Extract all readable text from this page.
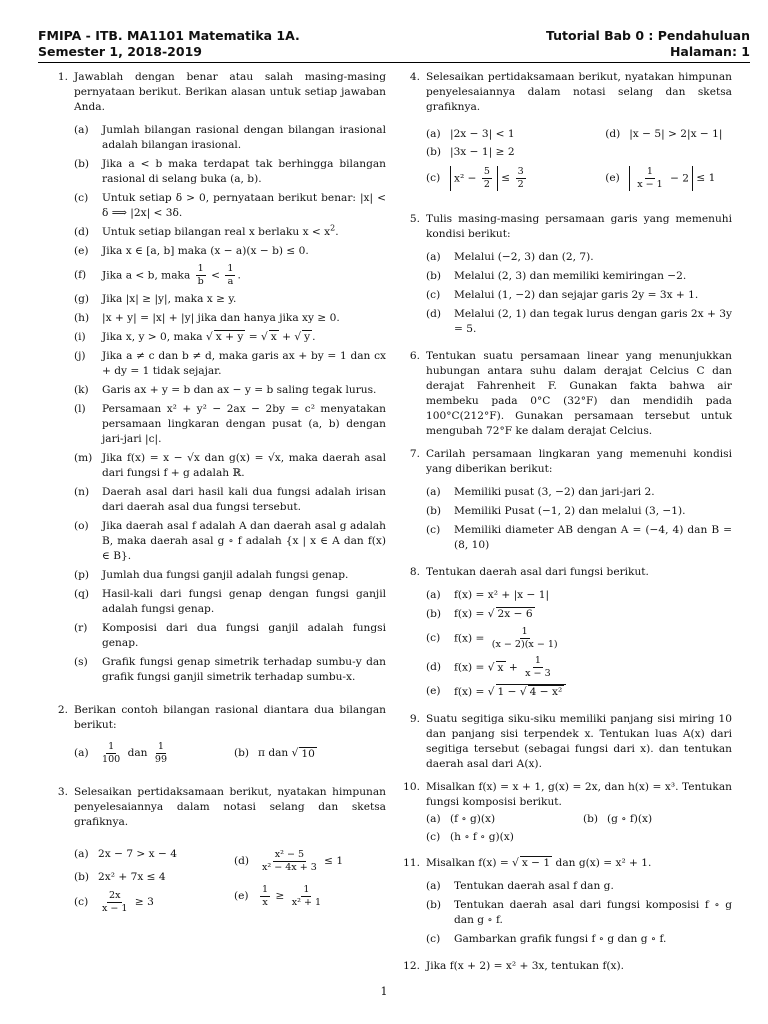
FMIPA - ITB. MA1101 Matematika 1A.
Semester 1, 2018-2019
Tutorial Bab 0 : Pendahuluan
Halaman: 1
1. Jawablah dengan benar atau salah masing-masing pernyataan berikut. Berikan alasan untuk setiap jawaban Anda.
(a)	Jumlah bilangan rasional dengan bilangan irasional adalah bilangan irasional.
(b)	Jika a < b maka terdapat tak berhingga bilangan rasional di selang buka (a, b).
(c)	Untuk setiap δ > 0, pernyataan berikut benar: |x| < δ ⟹ |2x| < 3δ.
(d)	Untuk setiap bilangan real x berlaku $x < x^2$.
(e)	Jika x ∈ [a, b] maka (x − a)(x − b) ≤ 0.
(f)	Jika a < b, maka $\frac{1}{b} < \frac{1}{a}$ .
(g)	Jika |x| ≥ |y|, maka x ≥ y.
(h)	|x + y| = |x| + |y| jika dan hanya jika xy ≥ 0.
(i)	Jika x, y > 0, maka √ x + y = √ x + √ y .
(j)	Jika a ≠ c dan b ≠ d, maka garis ax + by = 1 dan cx + dy = 1 tidak sejajar.
(k)	Garis ax + y = b dan ax − y = b saling tegak lurus.
(l)	Persamaan x² + y² − 2ax − 2by = c² menyatakan persamaan lingkaran dengan pusat (a, b) dengan jari-jari |c|.
(m) Jika f(x) = x − √x dan g(x) = √x, maka daerah asal dari fungsi f + g adalah ℝ.
(n)	Daerah asal dari hasil kali dua fungsi adalah irisan dari daerah asal dua fungsi tersebut.
(o)	Jika daerah asal f adalah A dan daerah asal g adalah B, maka daerah asal g ∘ f adalah {x | x ∈ A dan f(x) ∈ B}.
(p)	Jumlah dua fungsi ganjil adalah fungsi genap.
(q)	Hasil-kali dari fungsi genap dengan fungsi ganjil adalah fungsi genap.
(r)	Komposisi dari dua fungsi ganjil adalah fungsi genap.
(s)	Grafik fungsi genap simetrik terhadap sumbu-y dan grafik fungsi ganjil simetrik terhadap sumbu-x.
2. Berikan contoh bilangan rasional diantara dua bilangan berikut:
(a)	$\frac{1}{100}$
dan
$\frac{1}{99}$	(b) π dan √ 10
3. Selesaikan pertidaksamaan berikut, nyatakan himpunan penyelesaiannya dalam notasi selang dan sketsa grafiknya.
(a) 2x − 7 > x − 4
(b) 2x² + 7x ≤ 4
(c)	$\frac{2x}{x - 1}$
≥ 3
(d)	$\frac{\text{x² − 5}}{\text{x² − 4x + 3}}$
≤ 1
(e)	$\frac{1}{x}$
≥
$\frac{1}{\text{x² + 1}}$
4. Selesaikan pertidaksamaan berikut, nyatakan himpunan penyelesaiannya dalam notasi selang dan sketsa grafiknya.
(a) |2x − 3| < 1
(b) |3x − 1| ≥ 2
(c)	$x^2 - \frac{5}{2}$
≤
$\frac{3}{2}$
(d) |x − 5| > 2|x − 1|
(e)	$\frac{1}{x - 1} - 2$
≤ 1
5. Tulis masing-masing persamaan garis yang memenuhi kondisi berikut:
(a)	Melalui (−2, 3) dan (2, 7).
(b)	Melalui (2, 3) dan memiliki kemiringan −2.
(c)	Melalui (1, −2) dan sejajar garis 2y = 3x + 1.
(d)	Melalui (2, 1) dan tegak lurus dengan garis 2x + 3y = 5.
6. Tentukan suatu persamaan linear yang menunjukkan hubungan antara suhu dalam derajat Celcius C dan derajat Fahrenheit F. Gunakan fakta bahwa air membeku pada 0°C (32°F) dan mendidih pada 100°C(212°F). Gunakan persamaan tersebut untuk mengubah 72°F ke dalam derajat Celcius.
7. Carilah persamaan lingkaran yang memenuhi kondisi yang diberikan berikut:
(a)	Memiliki pusat (3, −2) dan jari-jari 2.
(b)	Memiliki Pusat (−1, 2) dan melalui (3, −1).
(c)	Memiliki diameter AB dengan A = (−4, 4) dan B = (8, 10)
8. Tentukan daerah asal dari fungsi berikut.
(a)	f(x) = x² + |x − 1|
(b)	f(x) = √ 2x − 6
(c)	$f(x) = \frac{1}{(x - 2)(x - 1)}$
(d)	f(x) = √ $x + \frac{1}{x - 3}$
(e)	f(x) = √ 1 − √ 4 − x²
9. Suatu segitiga siku-siku memiliki panjang sisi miring 10 dan panjang sisi terpendek x. Tentukan luas A(x) dari segitiga tersebut (sebagai fungsi dari x). dan tentukan daerah asal dari A(x).
10. Misalkan f(x) = x + 1, g(x) = 2x, dan h(x) = x³. Tentukan fungsi komposisi berikut.
(a) (f ∘ g)(x)	(b) (g ∘ f)(x)
(c) (h ∘ f ∘ g)(x)
11. Misalkan f(x) = √ x − 1 dan g(x) = x² + 1.
(a)	Tentukan daerah asal f dan g.
(b)	Tentukan daerah asal dari fungsi komposisi f ∘ g dan g ∘ f.
(c)	Gambarkan grafik fungsi f ∘ g dan g ∘ f.
12. Jika f(x + 2) = x² + 3x, tentukan f(x).
1
